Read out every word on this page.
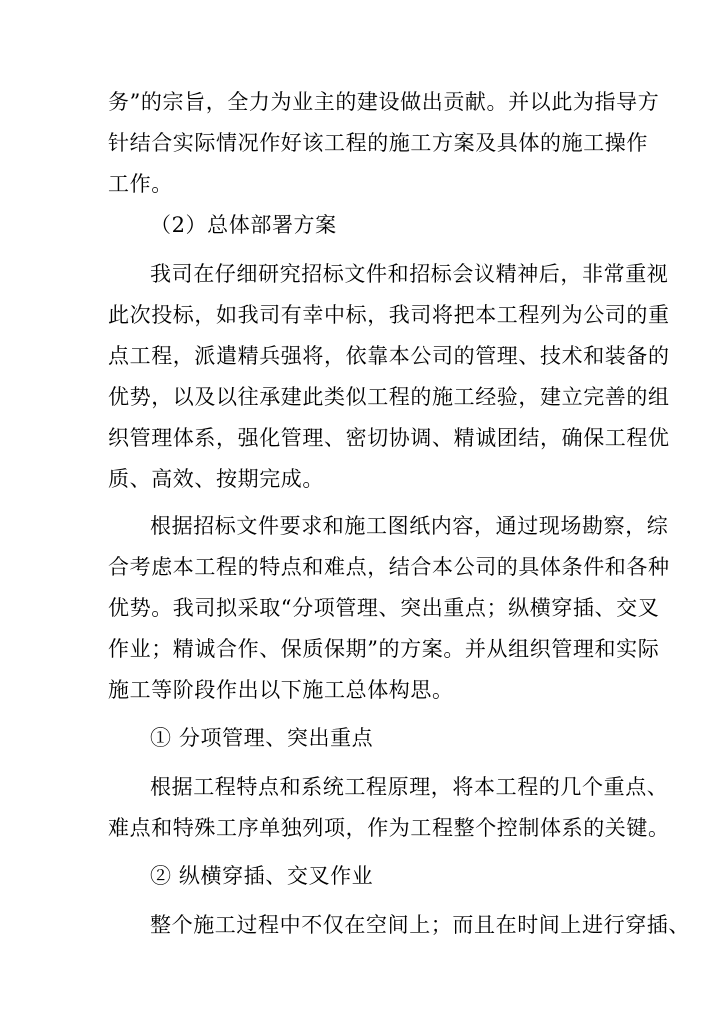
务”的宗旨，全力为业主的建设做出贡献。并以此为指导方
针结合实际情况作好该工程的施工方案及具体的施工操作
工作。
（2）总体部署方案
我司在仔细研究招标文件和招标会议精神后，非常重视
此次投标，如我司有幸中标，我司将把本工程列为公司的重
点工程，派遣精兵强将，依靠本公司的管理、技术和装备的
优势，以及以往承建此类似工程的施工经验，建立完善的组
织管理体系，强化管理、密切协调、精诚团结，确保工程优
质、高效、按期完成。
根据招标文件要求和施工图纸内容，通过现场勘察，综
合考虑本工程的特点和难点，结合本公司的具体条件和各种
优势。我司拟采取“分项管理、突出重点；纵横穿插、交叉
作业；精诚合作、保质保期”的方案。并从组织管理和实际
施工等阶段作出以下施工总体构思。
① 分项管理、突出重点
根据工程特点和系统工程原理，将本工程的几个重点、
难点和特殊工序单独列项，作为工程整个控制体系的关键。
② 纵横穿插、交叉作业
整个施工过程中不仅在空间上；而且在时间上进行穿插、
